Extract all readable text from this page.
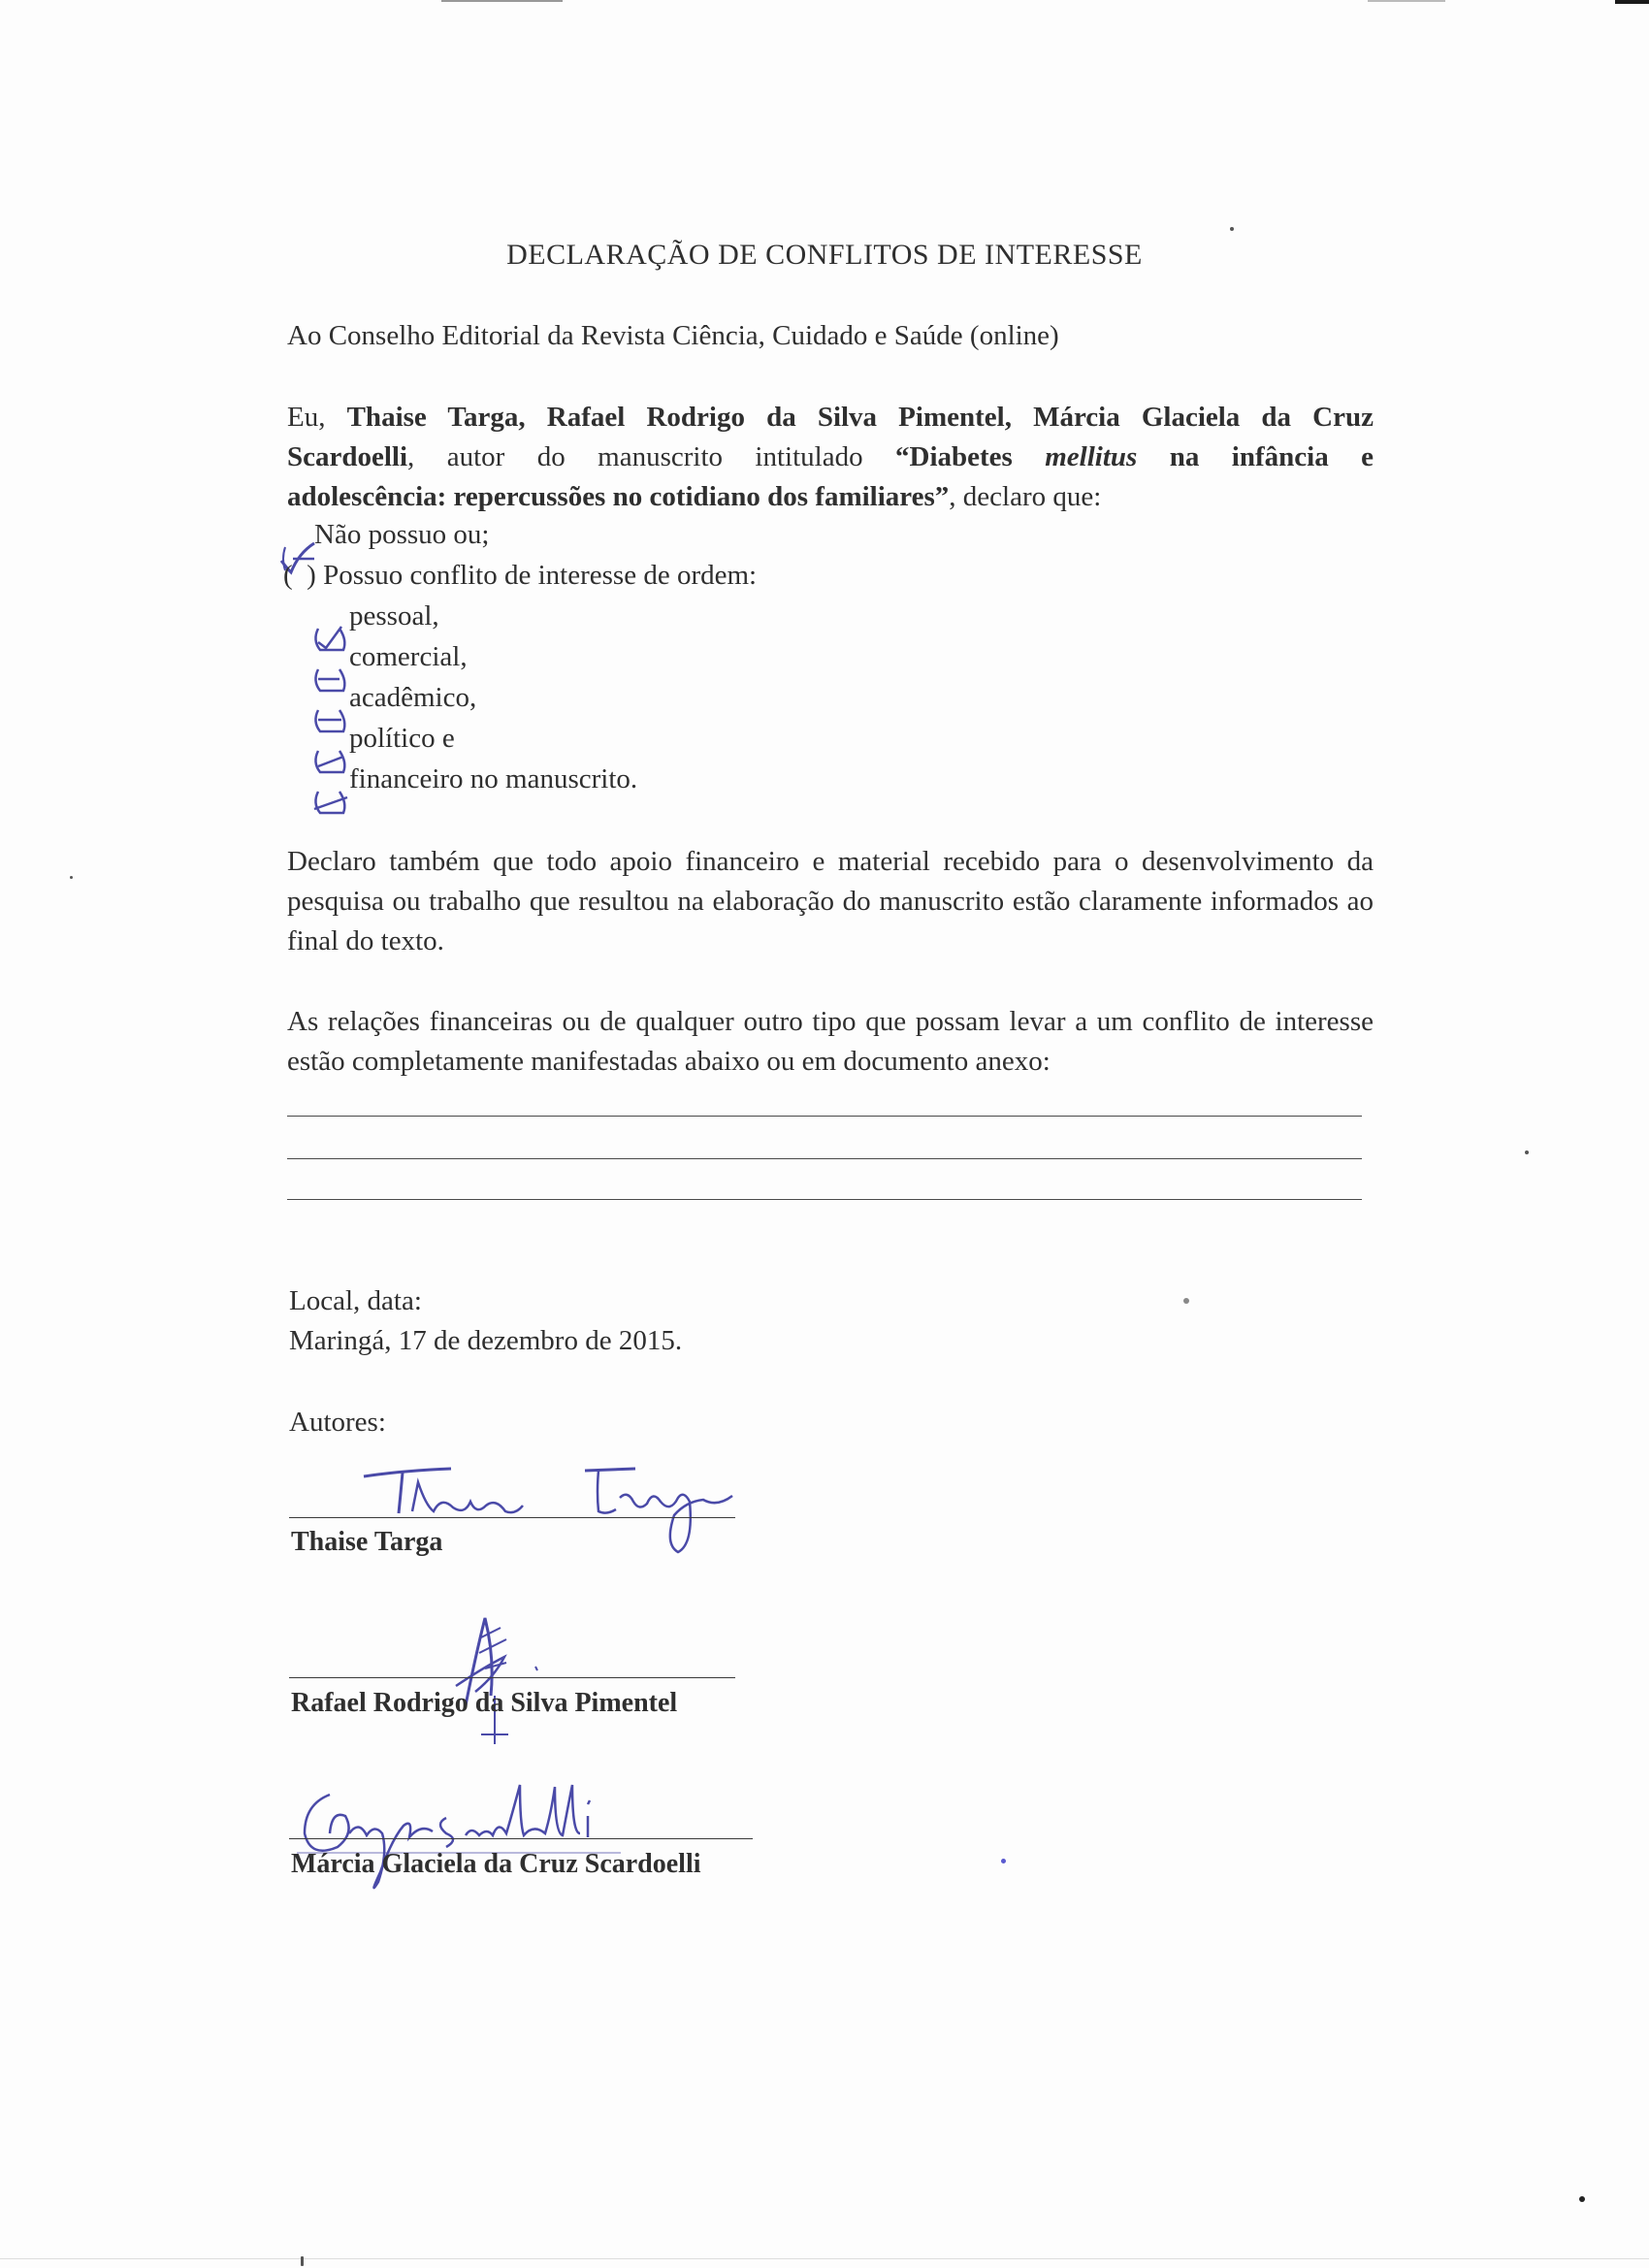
DECLARAÇÃO DE CONFLITOS DE INTERESSE
Ao Conselho Editorial da Revista Ciência, Cuidado e Saúde (online)
Eu, Thaise Targa, Rafael Rodrigo da Silva Pimentel, Márcia Glaciela da Cruz
Scardoelli, autor do manuscrito intitulado “Diabetes mellitus na infância e
adolescência: repercussões no cotidiano dos familiares”, declaro que:
Não possuo ou;
( ) Possuo conflito de interesse de ordem:
pessoal,
comercial,
acadêmico,
político e
financeiro no manuscrito.
Declaro também que todo apoio financeiro e material recebido para o desenvolvimento da pesquisa ou trabalho que resultou na elaboração do manuscrito estão claramente informados ao final do texto.
As relações financeiras ou de qualquer outro tipo que possam levar a um conflito de interesse estão completamente manifestadas abaixo ou em documento anexo:
Local, data:
Maringá, 17 de dezembro de 2015.
Autores:
Thaise Targa
Rafael Rodrigo da Silva Pimentel
Márcia Glaciela da Cruz Scardoelli
